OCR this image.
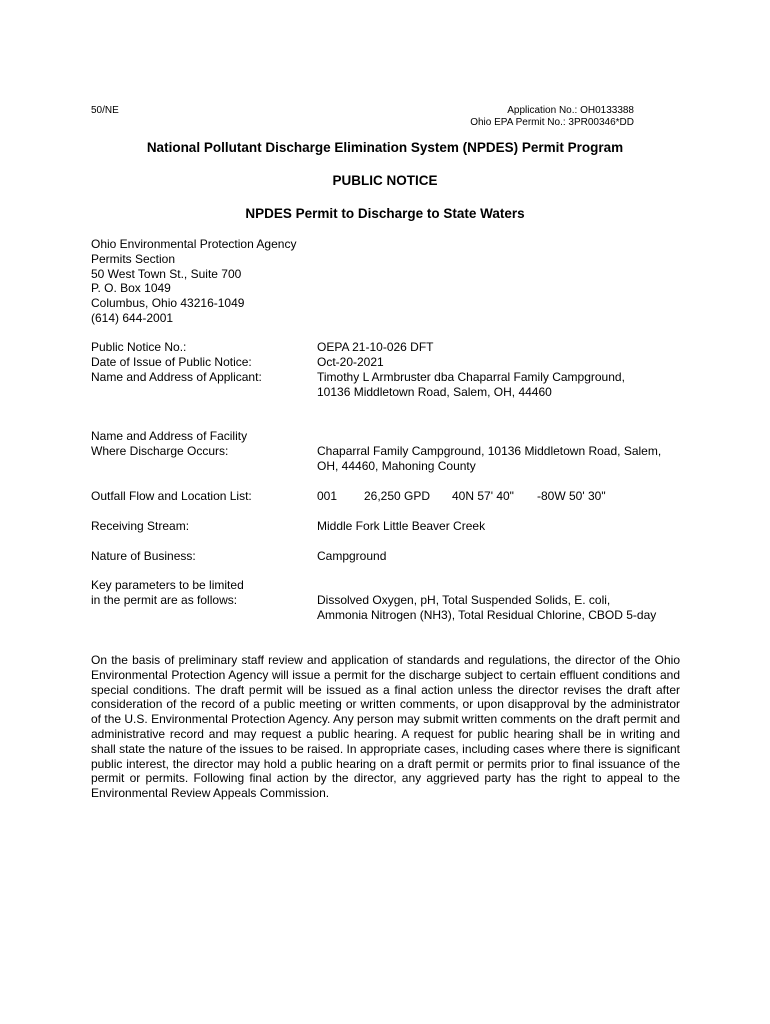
50/NE	Application No.: OH0133388
Ohio EPA Permit No.: 3PR00346*DD
National Pollutant Discharge Elimination System (NPDES) Permit Program
PUBLIC NOTICE
NPDES Permit to Discharge to State Waters
Ohio Environmental Protection Agency
Permits Section
50 West Town St., Suite 700
P. O. Box 1049
Columbus, Ohio 43216-1049
(614) 644-2001
Public Notice No.:	OEPA 21-10-026 DFT
Date of Issue of Public Notice:	Oct-20-2021
Name and Address of Applicant:	Timothy L Armbruster dba Chaparral Family Campground,
10136 Middletown Road, Salem, OH, 44460
Name and Address of Facility
Where Discharge Occurs:	Chaparral Family Campground, 10136 Middletown Road, Salem,
OH, 44460, Mahoning County
Outfall Flow and Location List:	001 26,250 GPD 40N 57' 40" -80W 50' 30"
Receiving Stream:	Middle Fork Little Beaver Creek
Nature of Business:	Campground
Key parameters to be limited
in the permit are as follows:	Dissolved Oxygen, pH, Total Suspended Solids, E. coli,
Ammonia Nitrogen (NH3), Total Residual Chlorine, CBOD 5-day
On the basis of preliminary staff review and application of standards and regulations, the director of the Ohio Environmental Protection Agency will issue a permit for the discharge subject to certain effluent conditions and special conditions. The draft permit will be issued as a final action unless the director revises the draft after consideration of the record of a public meeting or written comments, or upon disapproval by the administrator of the U.S. Environmental Protection Agency. Any person may submit written comments on the draft permit and administrative record and may request a public hearing. A request for public hearing shall be in writing and shall state the nature of the issues to be raised. In appropriate cases, including cases where there is significant public interest, the director may hold a public hearing on a draft permit or permits prior to final issuance of the permit or permits. Following final action by the director, any aggrieved party has the right to appeal to the Environmental Review Appeals Commission.
